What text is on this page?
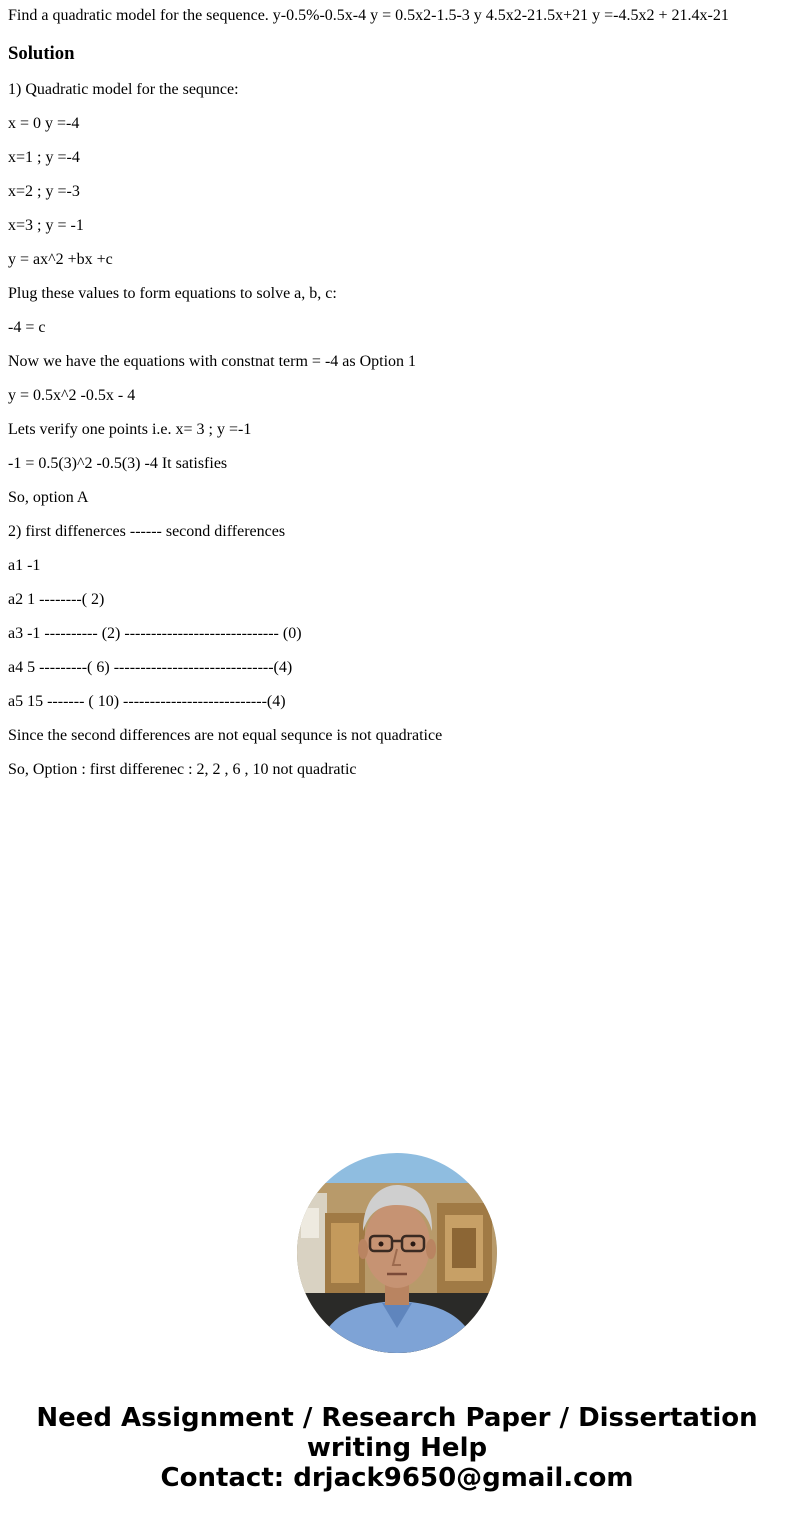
Find a quadratic model for the sequence. y-0.5%-0.5x-4 y = 0.5x2-1.5-3 y 4.5x2-21.5x+21 y =-4.5x2 + 21.4x-21
Solution
1) Quadratic model for the sequnce:
x = 0 y =-4
x=1 ; y =-4
x=2 ; y =-3
x=3 ; y = -1
y = ax^2 +bx +c
Plug these values to form equations to solve a, b, c:
-4 = c
Now we have the equations with constnat term = -4 as Option 1
y = 0.5x^2 -0.5x - 4
Lets verify one points i.e. x= 3 ; y =-1
-1 = 0.5(3)^2 -0.5(3) -4 It satisfies
So, option A
2) first diffenerces ------ second differences
a1 -1
a2 1 --------( 2)
a3 -1 ---------- (2) ----------------------------- (0)
a4 5 ---------( 6) ------------------------------(4)
a5 15 ------- ( 10) ---------------------------(4)
Since the second differences are not equal sequnce is not quadratice
So, Option : first differenec : 2, 2 , 6 , 10 not quadratic
Need Assignment / Research Paper / Dissertation
writing Help
Contact: drjack9650@gmail.com
